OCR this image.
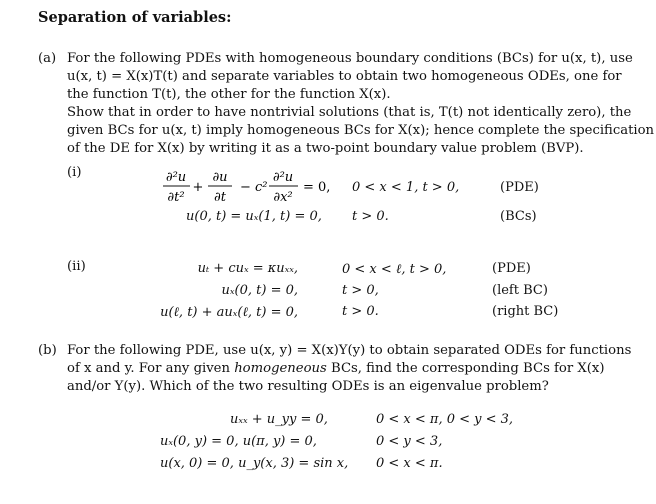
Separation of variables:
(a) For the following PDEs with homogeneous boundary conditions (BCs) for u(x, t), use
u(x, t) = X(x)T(t) and separate variables to obtain two homogeneous ODEs, one for
the function T(t), the other for the function X(x).
Show that in order to have nontrivial solutions (that is, T(t) not identically zero), the
given BCs for u(x, t) imply homogeneous BCs for X(x); hence complete the specification
of the DE for X(x) by writing it as a two-point boundary value problem (BVP).
(i)	∂²u
∂t²
+
∂u
∂t
− c²
∂²u
∂x²
= 0, 0 < x < 1, t > 0,	(PDE)
u(0, t) = uₓ(1, t) = 0, t > 0.	(BCs)
(ii)	uₜ + cuₓ = κuₓₓ,	0 < x < ℓ, t > 0,	(PDE)
uₓ(0, t) = 0,	t > 0,	(left BC)
u(ℓ, t) + auₓ(ℓ, t) = 0,	t > 0.	(right BC)
(b) For the following PDE, use u(x, y) = X(x)Y(y) to obtain separated ODEs for functions
of x and y. For any given homogeneous BCs, find the corresponding BCs for X(x)
and/or Y(y). Which of the two resulting ODEs is an eigenvalue problem?
uₓₓ + u_yy = 0,	0 < x < π, 0 < y < 3,
uₓ(0, y) = 0, u(π, y) = 0,	0 < y < 3,
u(x, 0) = 0, u_y(x, 3) = sin x, 0 < x < π.
